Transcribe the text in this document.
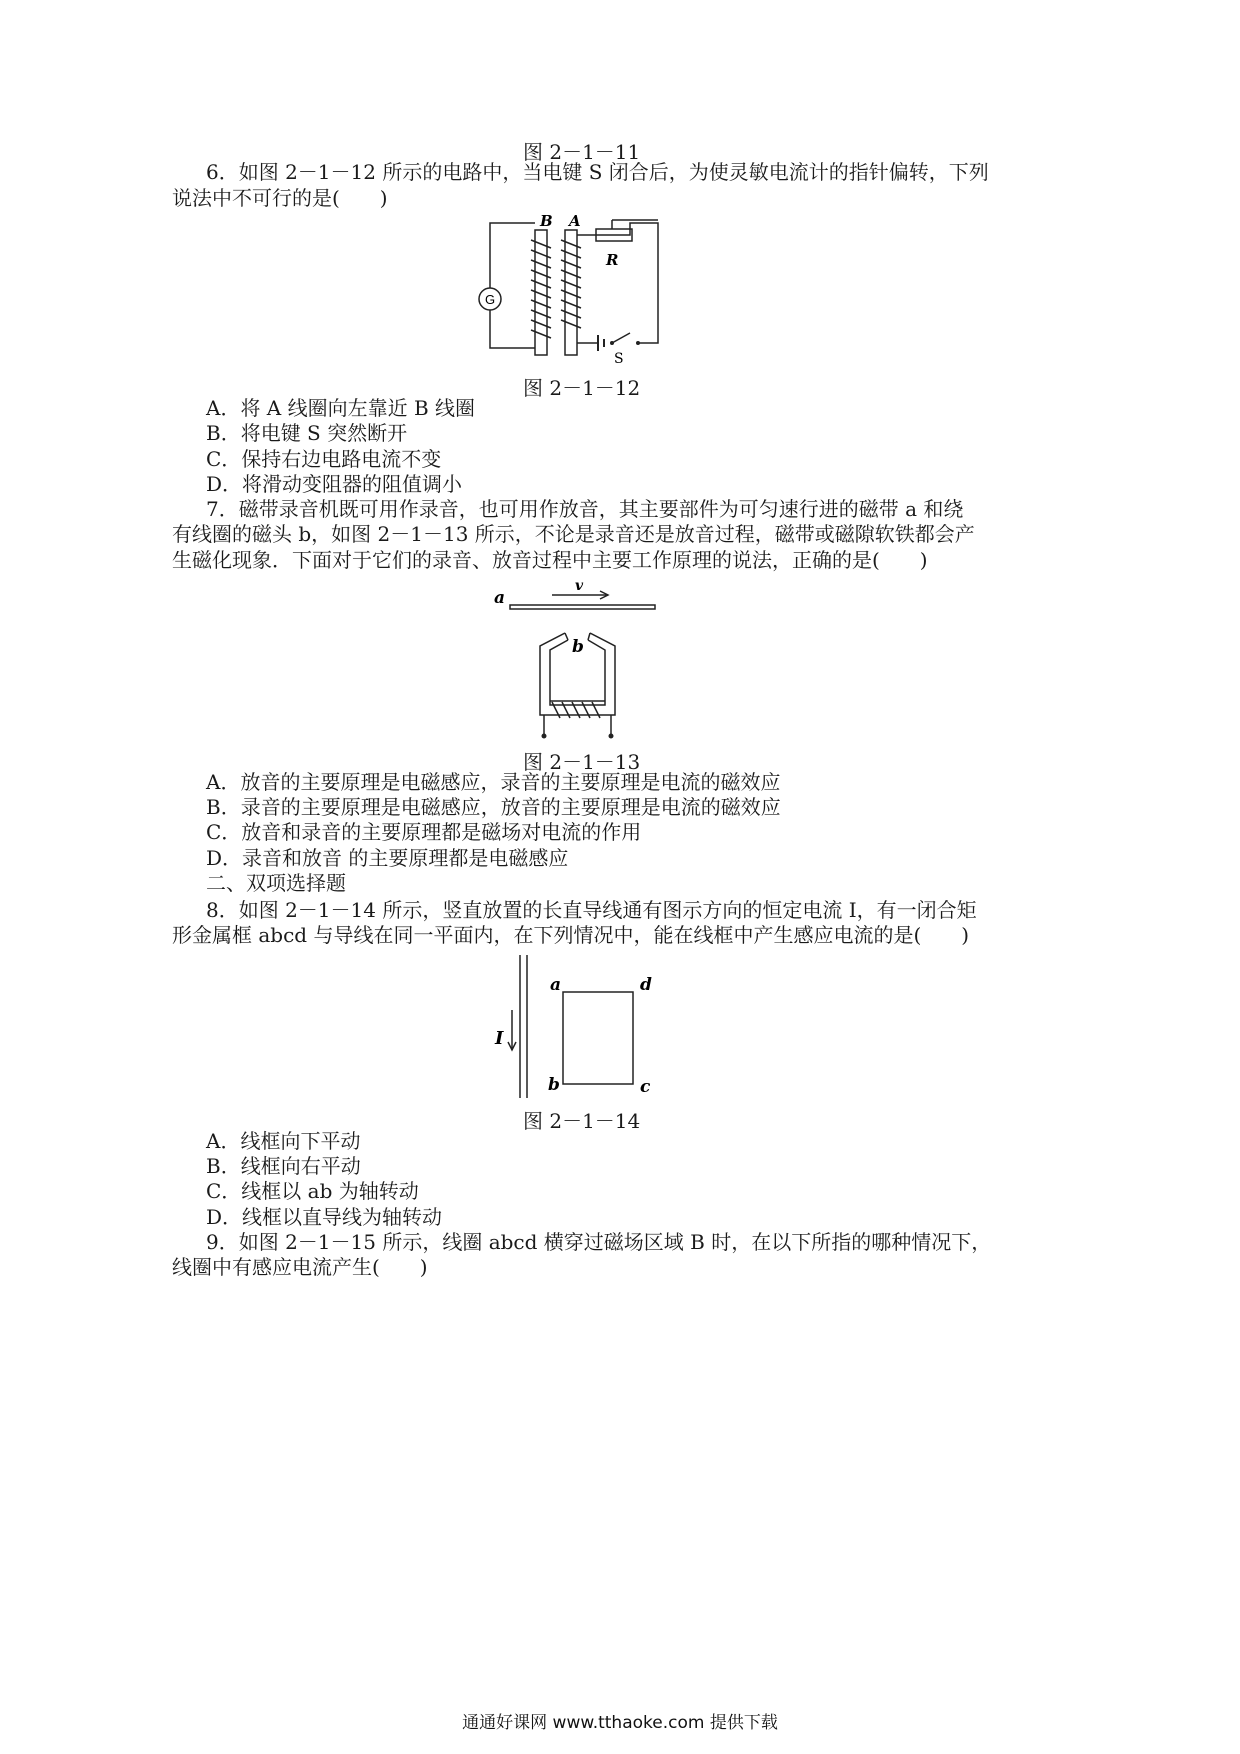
图 2－1－11
6．如图 2－1－12 所示的电路中，当电键 S 闭合后，为使灵敏电流计的指针偏转，下列
说法中不可行的是(　　)
G
B A
R
S
图 2－1－12
A．将 A 线圈向左靠近 B 线圈
B．将电键 S 突然断开
C．保持右边电路电流不变
D．将滑动变阻器的阻值调小
7．磁带录音机既可用作录音，也可用作放音，其主要部件为可匀速行进的磁带 a 和绕
有线圈的磁头 b，如图 2－1－13 所示，不论是录音还是放音过程，磁带或磁隙软铁都会产
生磁化现象．下面对于它们的录音、放音过程中主要工作原理的说法，正确的是(　　)
a
v
b
图 2－1－13
A．放音的主要原理是电磁感应，录音的主要原理是电流的磁效应
B．录音的主要原理是电磁感应，放音的主要原理是电流的磁效应
C．放音和录音的主要原理都是磁场对电流的作用
D．录音和放音 的主要原理都是电磁感应
二、双项选择题
8．如图 2－1－14 所示，竖直放置的长直导线通有图示方向的恒定电流 I，有一闭合矩
形金属框 abcd 与导线在同一平面内，在下列情况中，能在线框中产生感应电流的是(　　)
I
a	d
b	c
图 2－1－14
A．线框向下平动
B．线框向右平动
C．线框以 ab 为轴转动
D．线框以直导线为轴转动
9．如图 2－1－15 所示，线圈 abcd 横穿过磁场区域 B 时，在以下所指的哪种情况下，
线圈中有感应电流产生(　　)
通通好课网 www.tthaoke.com 提供下载
